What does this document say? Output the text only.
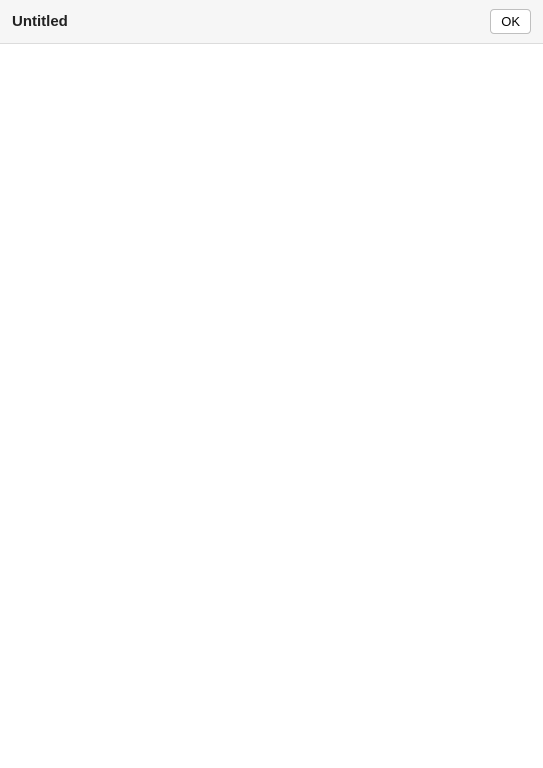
Untitled	OK
